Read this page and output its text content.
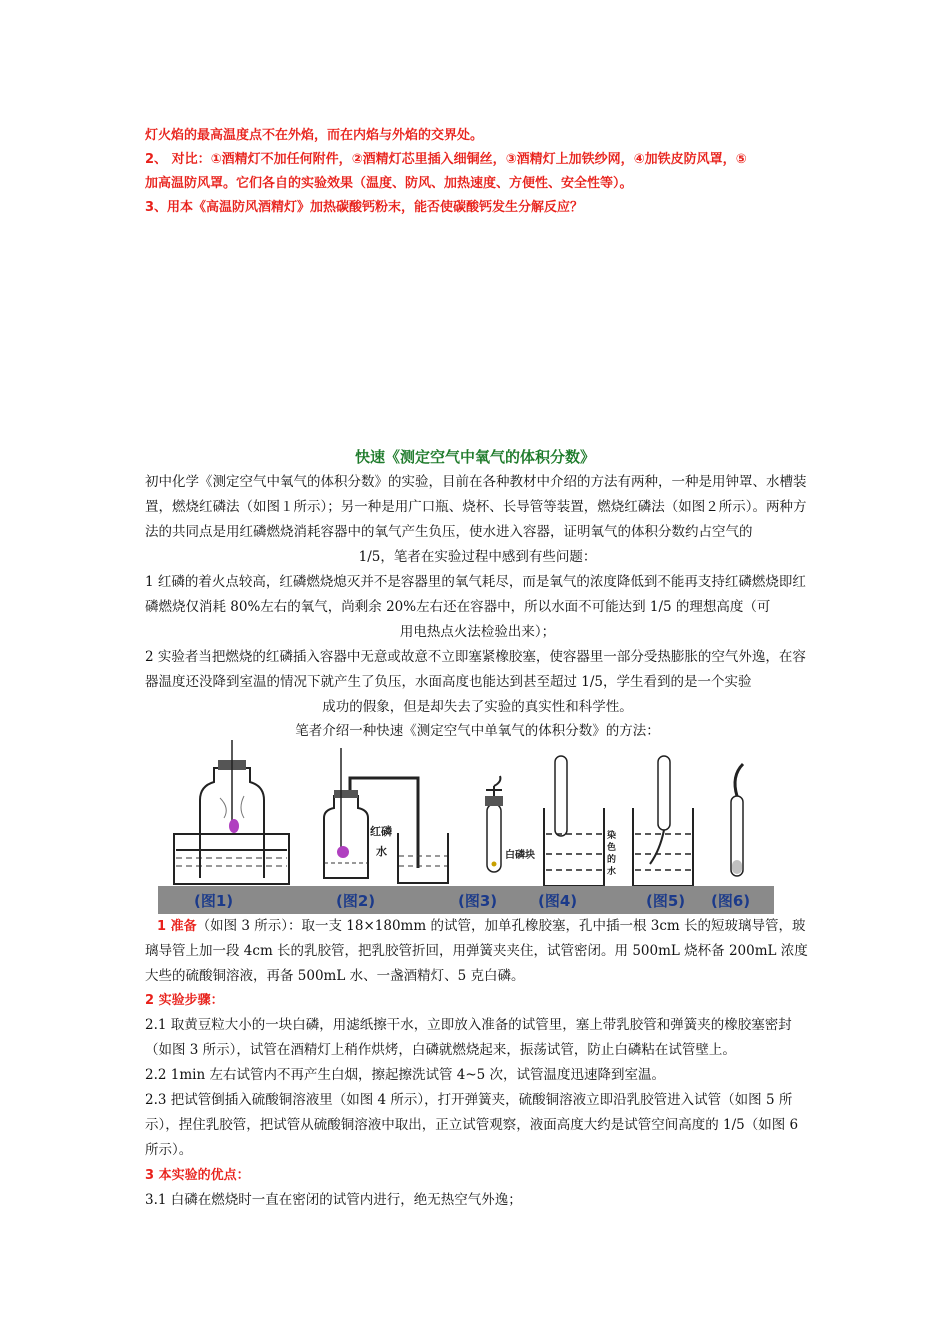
灯火焰的最高温度点不在外焰，而在内焰与外焰的交界处。
2、 对比：①酒精灯不加任何附件，②酒精灯芯里插入细铜丝，③酒精灯上加铁纱网，④加铁皮防风罩，⑤
加高温防风罩。它们各自的实验效果（温度、防风、加热速度、方便性、安全性等）。
3、用本《高温防风酒精灯》加热碳酸钙粉末，能否使碳酸钙发生分解反应？
快速《测定空气中氧气的体积分数》
初中化学《测定空气中氧气的体积分数》的实验，目前在各种教材中介绍的方法有两种，一种是用钟罩、水槽装置，燃烧红磷法（如图１所示）；另一种是用广口瓶、烧杯、长导管等装置，燃烧红磷法（如图２所示）。两种方法的共同点是用红磷燃烧消耗容器中的氧气产生负压，使水进入容器，证明氧气的体积分数约占空气的
1/5，笔者在实验过程中感到有些问题：
1 红磷的着火点较高，红磷燃烧熄灭并不是容器里的氧气耗尽，而是氧气的浓度降低到不能再支持红磷燃烧即红磷燃烧仅消耗 80%左右的氧气，尚剩余 20%左右还在容器中，所以水面不可能达到 1/5 的理想高度（可
用电热点火法检验出来）；
2 实验者当把燃烧的红磷插入容器中无意或故意不立即塞紧橡胶塞，使容器里一部分受热膨胀的空气外逸，在容器温度还没降到室温的情况下就产生了负压，水面高度也能达到甚至超过 1/5，学生看到的是一个实验
成功的假象，但是却失去了实验的真实性和科学性。
笔者介绍一种快速《测定空气中单氧气的体积分数》的方法：
红磷
水	白磷块
染
色
的
水
(图1)	(图2)	(图3)	(图4)	(图5) (图6)
1 准备（如图 3 所示）：取一支 18×180mm 的试管，加单孔橡胶塞，孔中插一根 3cm 长的短玻璃导管，玻璃导管上加一段 4cm 长的乳胶管，把乳胶管折回，用弹簧夹夹住，试管密闭。用 500mL 烧杯备 200mL 浓度大些的硫酸铜溶液，再备 500mL 水、一盏酒精灯、5 克白磷。
2 实验步骤：
2.1 取黄豆粒大小的一块白磷，用滤纸擦干水，立即放入准备的试管里，塞上带乳胶管和弹簧夹的橡胶塞密封（如图 3 所示），试管在酒精灯上稍作烘烤，白磷就燃烧起来，振荡试管，防止白磷粘在试管壁上。
2.2 1min 左右试管内不再产生白烟，擦起擦洗试管 4~5 次，试管温度迅速降到室温。
2.3 把试管倒插入硫酸铜溶液里（如图 4 所示），打开弹簧夹，硫酸铜溶液立即沿乳胶管进入试管（如图 5 所示），捏住乳胶管，把试管从硫酸铜溶液中取出，正立试管观察，液面高度大约是试管空间高度的 1/5（如图 6 所示）。
3 本实验的优点：
3.1 白磷在燃烧时一直在密闭的试管内进行，绝无热空气外逸；
